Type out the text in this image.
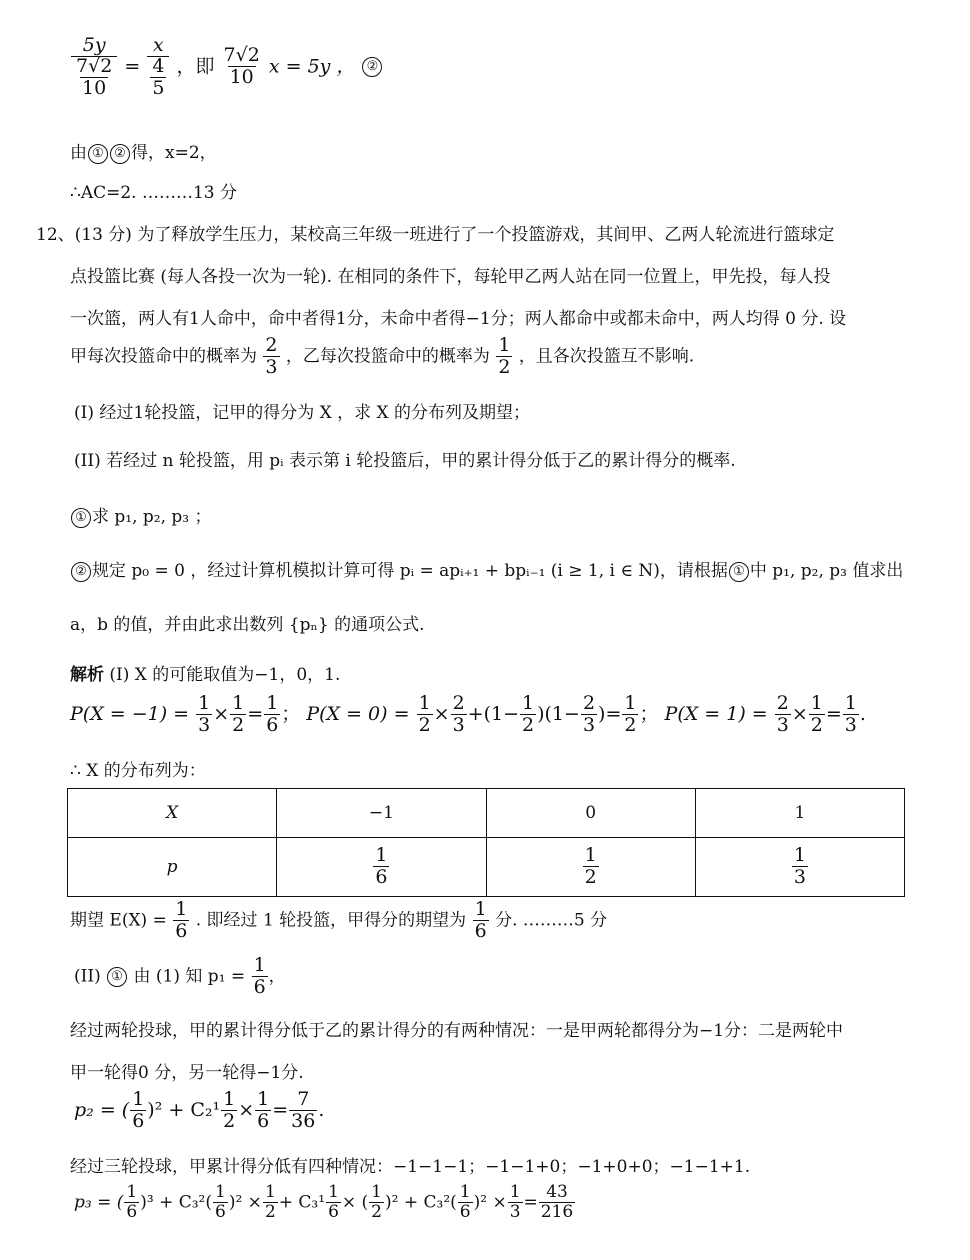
$\frac{5y}{\frac{7√2}{10}} = \frac{x}{\frac{4}{5}}$ ，即 $\frac{7√2}{10}$ x = 5y ， ②
由 ① ② 得，x=2，
∴AC=2. ………13 分
12、(13 分) 为了释放学生压力，某校高三年级一班进行了一个投篮游戏，其间甲、乙两人轮流进行篮球定
点投篮比赛 (每人各投一次为一轮). 在相同的条件下，每轮甲乙两人站在同一位置上，甲先投，每人投
一次篮，两人有1人命中，命中者得1分，未命中者得−1分；两人都命中或都未命中，两人均得 0 分. 设
甲每次投篮命中的概率为 $\frac{2}{3}$ ，乙每次投篮命中的概率为 $\frac{1}{2}$ ，且各次投篮互不影响.
(I) 经过1轮投篮，记甲的得分为 X ，求 X 的分布列及期望；
(II) 若经过 n 轮投篮，用 pᵢ 表示第 i 轮投篮后，甲的累计得分低于乙的累计得分的概率.
① 求 p₁, p₂, p₃ ；
② 规定 p₀ = 0 ，经过计算机模拟计算可得 pᵢ = apᵢ₊₁ + bpᵢ₋₁ (i ≥ 1, i ∈ N)，请根据 ① 中 p₁, p₂, p₃ 值求出
a，b 的值，并由此求出数列 {pₙ} 的通项公式.
解析 (I) X 的可能取值为−1，0，1.
$P(X = -1) = \frac{1}{3} \times \frac{1}{2} = \frac{1}{6}$ ； $P(X = 0) = \frac{1}{2} \times \frac{2}{3} +(1- \frac{1}{2} )(1- \frac{2}{3}$ )= $\frac{1}{2}$ ； $P(X = 1) = \frac{2}{3} \times \frac{1}{2} = \frac{1}{3}$ .
∴ X 的分布列为：
X	−1	0	1
p	$\frac{1}{6}$	$\frac{1}{2}$	$\frac{1}{3}$
期望 $E(X) = \frac{1}{6}$ . 即经过 1 轮投篮，甲得分的期望为 $\frac{1}{6}$ 分. ………5 分
(II) ① 由 (1) 知 $p_1 = \frac{1}{6}$ ，
经过两轮投球，甲的累计得分低于乙的累计得分的有两种情况：一是甲两轮都得分为−1分：二是两轮中
甲一轮得0 分，另一轮得−1分.
p₂ = ( $\frac{1}{6} )^2 + C_2^1 \frac{1}{2} \times \frac{1}{6} = \frac{7}{36}$ .
经过三轮投球，甲累计得分低有四种情况：−1−1−1；−1−1+0；−1+0+0；−1−1+1.
p₃ = ( $\frac{1}{6} )^3 + C_3^2( \frac{1}{6} )^2 \times \frac{1}{2} + C_3^1 \frac{1}{6}$ × ( $\frac{1}{2} )^2 + C_3^2( \frac{1}{6} )^2 \times \frac{1}{3} = \frac{43}{216}$
